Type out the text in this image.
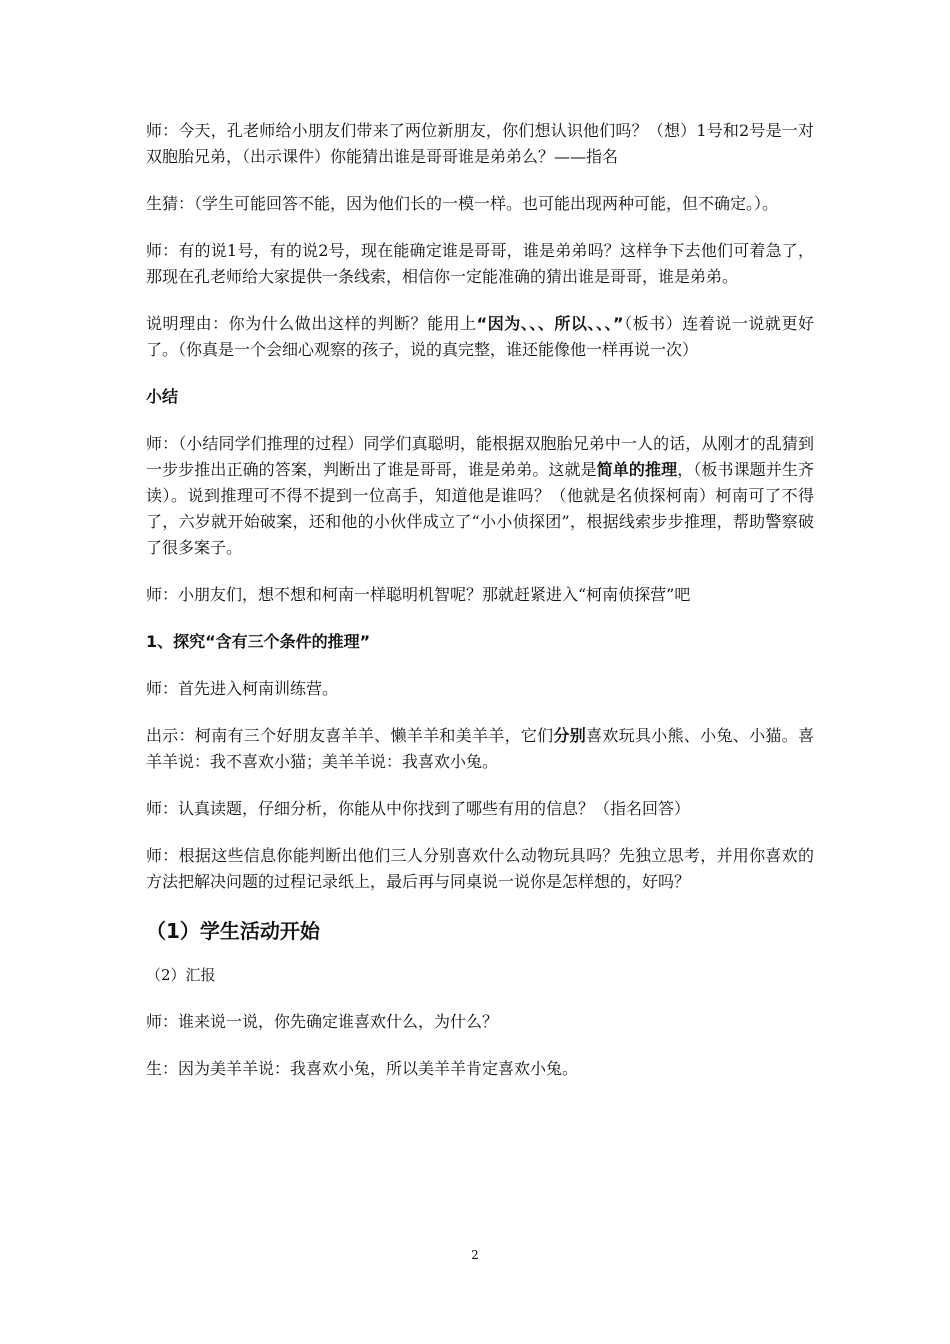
师：今天，孔老师给小朋友们带来了两位新朋友，你们想认识他们吗？（想）1号和2号是一对双胞胎兄弟，（出示课件）你能猜出谁是哥哥谁是弟弟么？——指名

生猜：（学生可能回答不能，因为他们长的一模一样。也可能出现两种可能，但不确定。）。

师：有的说1号，有的说2号，现在能确定谁是哥哥，谁是弟弟吗？这样争下去他们可着急了，那现在孔老师给大家提供一条线索，相信你一定能准确的猜出谁是哥哥，谁是弟弟。

说明理由：你为什么做出这样的判断？能用上“因为、、、所以、、、”（板书）连着说一说就更好了。（你真是一个会细心观察的孩子，说的真完整，谁还能像他一样再说一次）

小结

师：（小结同学们推理的过程）同学们真聪明，能根据双胞胎兄弟中一人的话，从刚才的乱猜到一步步推出正确的答案，判断出了谁是哥哥，谁是弟弟。这就是简单的推理，（板书课题并生齐读）。说到推理可不得不提到一位高手，知道他是谁吗？（他就是名侦探柯南）柯南可了不得了，六岁就开始破案，还和他的小伙伴成立了“小小侦探团”，根据线索步步推理，帮助警察破了很多案子。

师：小朋友们，想不想和柯南一样聪明机智呢？那就赶紧进入“柯南侦探营”吧

1、探究“含有三个条件的推理”

师：首先进入柯南训练营。

出示：柯南有三个好朋友喜羊羊、懒羊羊和美羊羊，它们分别喜欢玩具小熊、小兔、小猫。喜羊羊说：我不喜欢小猫；美羊羊说：我喜欢小兔。

师：认真读题，仔细分析，你能从中你找到了哪些有用的信息？（指名回答）

师：根据这些信息你能判断出他们三人分别喜欢什么动物玩具吗？先独立思考，并用你喜欢的方法把解决问题的过程记录纸上，最后再与同桌说一说你是怎样想的，好吗？

（1）学生活动开始

（2）汇报

师：谁来说一说，你先确定谁喜欢什么，为什么？

生：因为美羊羊说：我喜欢小兔，所以美羊羊肯定喜欢小兔。

2
